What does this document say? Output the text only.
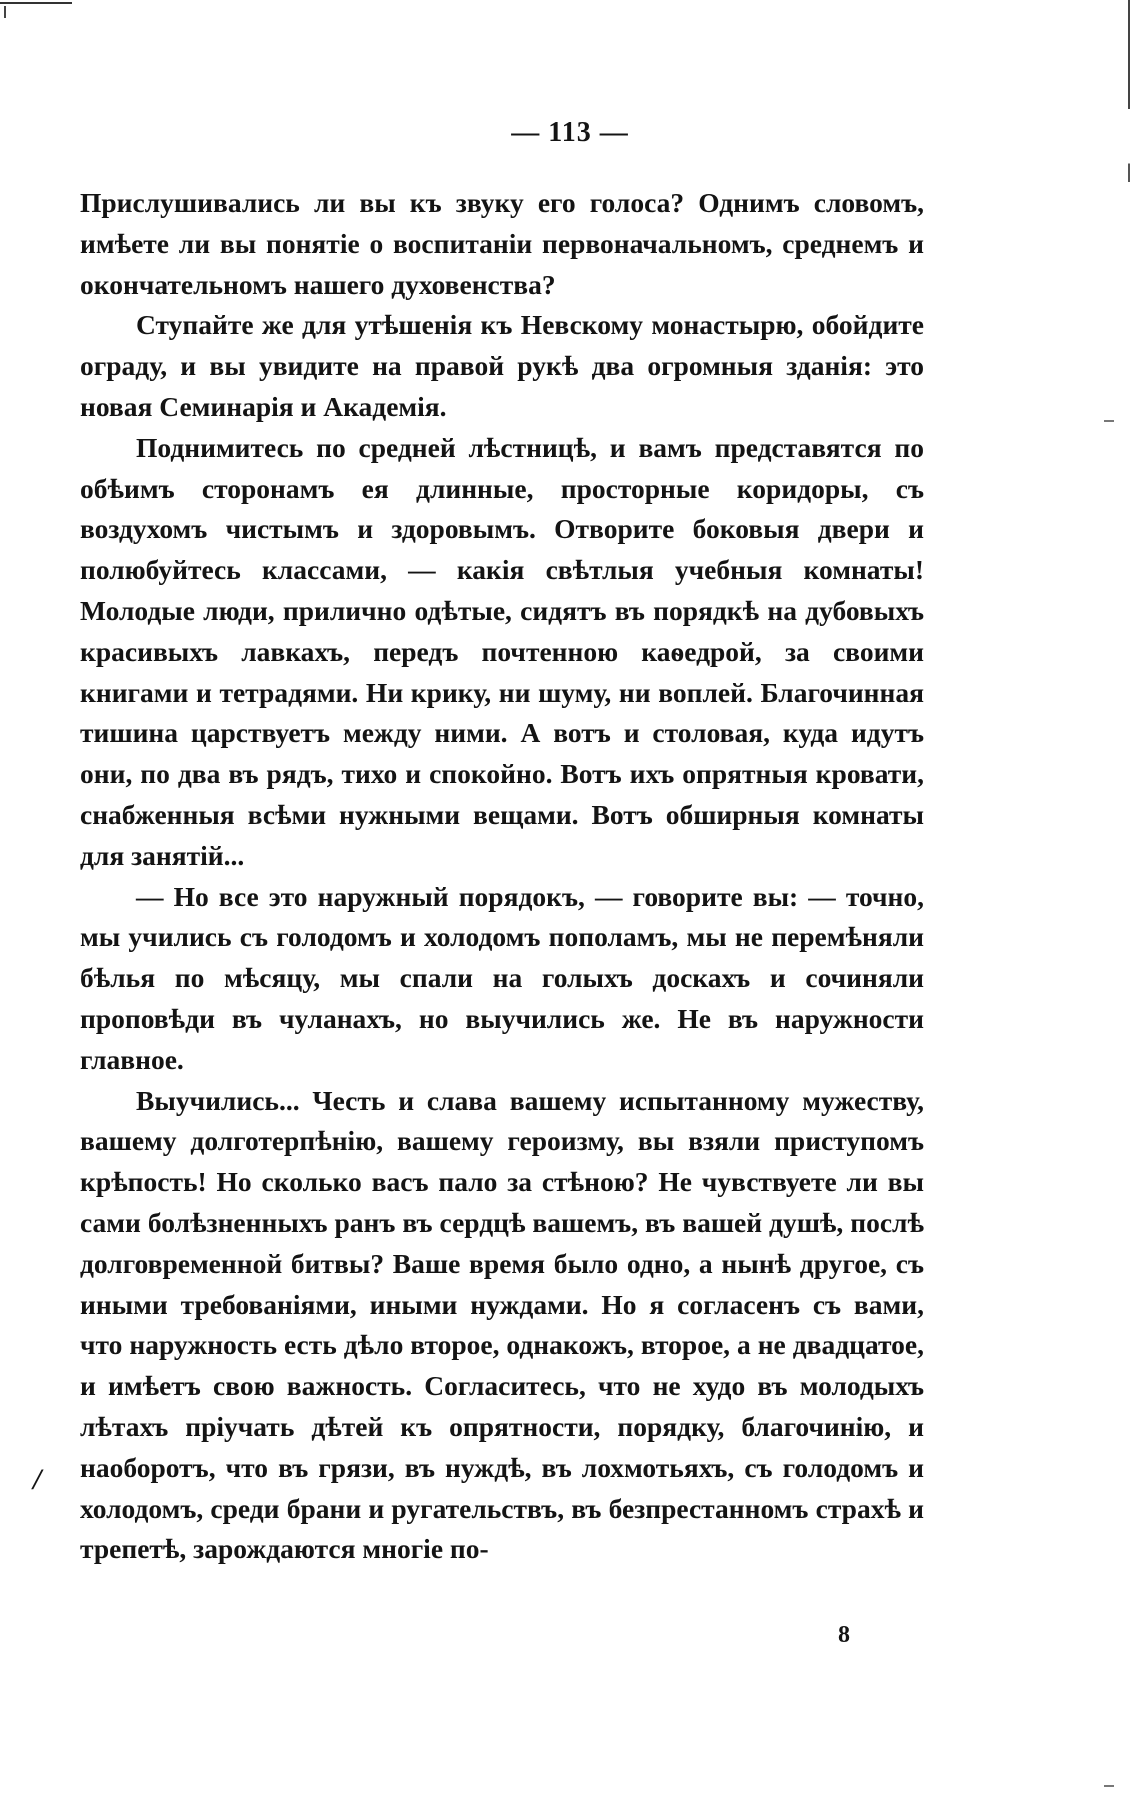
— 113 —

Прислушивались ли вы къ звуку его голоса? Однимъ словомъ, имѣете ли вы понятіе о воспитаніи первоначальномъ, среднемъ и окончательномъ нашего духовенства?

Ступайте же для утѣшенія къ Невскому монастырю, обойдите ограду, и вы увидите на правой рукѣ два огромныя зданія: это новая Семинарія и Академія.

Поднимитесь по средней лѣстницѣ, и вамъ представятся по обѣимъ сторонамъ ея длинные, просторные коридоры, съ воздухомъ чистымъ и здоровымъ. Отворите боковыя двери и полюбуйтесь классами, — какія свѣтлыя учебныя комнаты! Молодые люди, прилично одѣтые, сидятъ въ порядкѣ на дубовыхъ красивыхъ лавкахъ, передъ почтенною каѳедрой, за своими книгами и тетрадями. Ни крику, ни шуму, ни воплей. Благочинная тишина царствуетъ между ними. А вотъ и столовая, куда идутъ они, по два въ рядъ, тихо и спокойно. Вотъ ихъ опрятныя кровати, снабженныя всѣми нужными вещами. Вотъ обширныя комнаты для занятій...

— Но все это наружный порядокъ, — говорите вы: — точно, мы учились съ голодомъ и холодомъ пополамъ, мы не перемѣняли бѣлья по мѣсяцу, мы спали на голыхъ доскахъ и сочиняли проповѣди въ чуланахъ, но выучились же. Не въ наружности главное.

Выучились... Честь и слава вашему испытанному мужеству, вашему долготерпѣнію, вашему героизму, вы взяли приступомъ крѣпость! Но сколько васъ пало за стѣною? Не чувствуете ли вы сами болѣзненныхъ ранъ въ сердцѣ вашемъ, въ вашей душѣ, послѣ долговременной битвы? Ваше время было одно, а нынѣ другое, съ иными требованіями, иными нуждами. Но я согласенъ съ вами, что наружность есть дѣло второе, однакожъ, второе, а не двадцатое, и имѣетъ свою важность. Согласитесь, что не худо въ молодыхъ лѣтахъ пріучать дѣтей къ опрятности, порядку, благочинію, и наоборотъ, что въ грязи, въ нуждѣ, въ лохмотьяхъ, съ голодомъ и холодомъ, среди брани и ругательствъ, въ безпрестанномъ страхѣ и трепетѣ, зарождаются многіе по-

/
8
